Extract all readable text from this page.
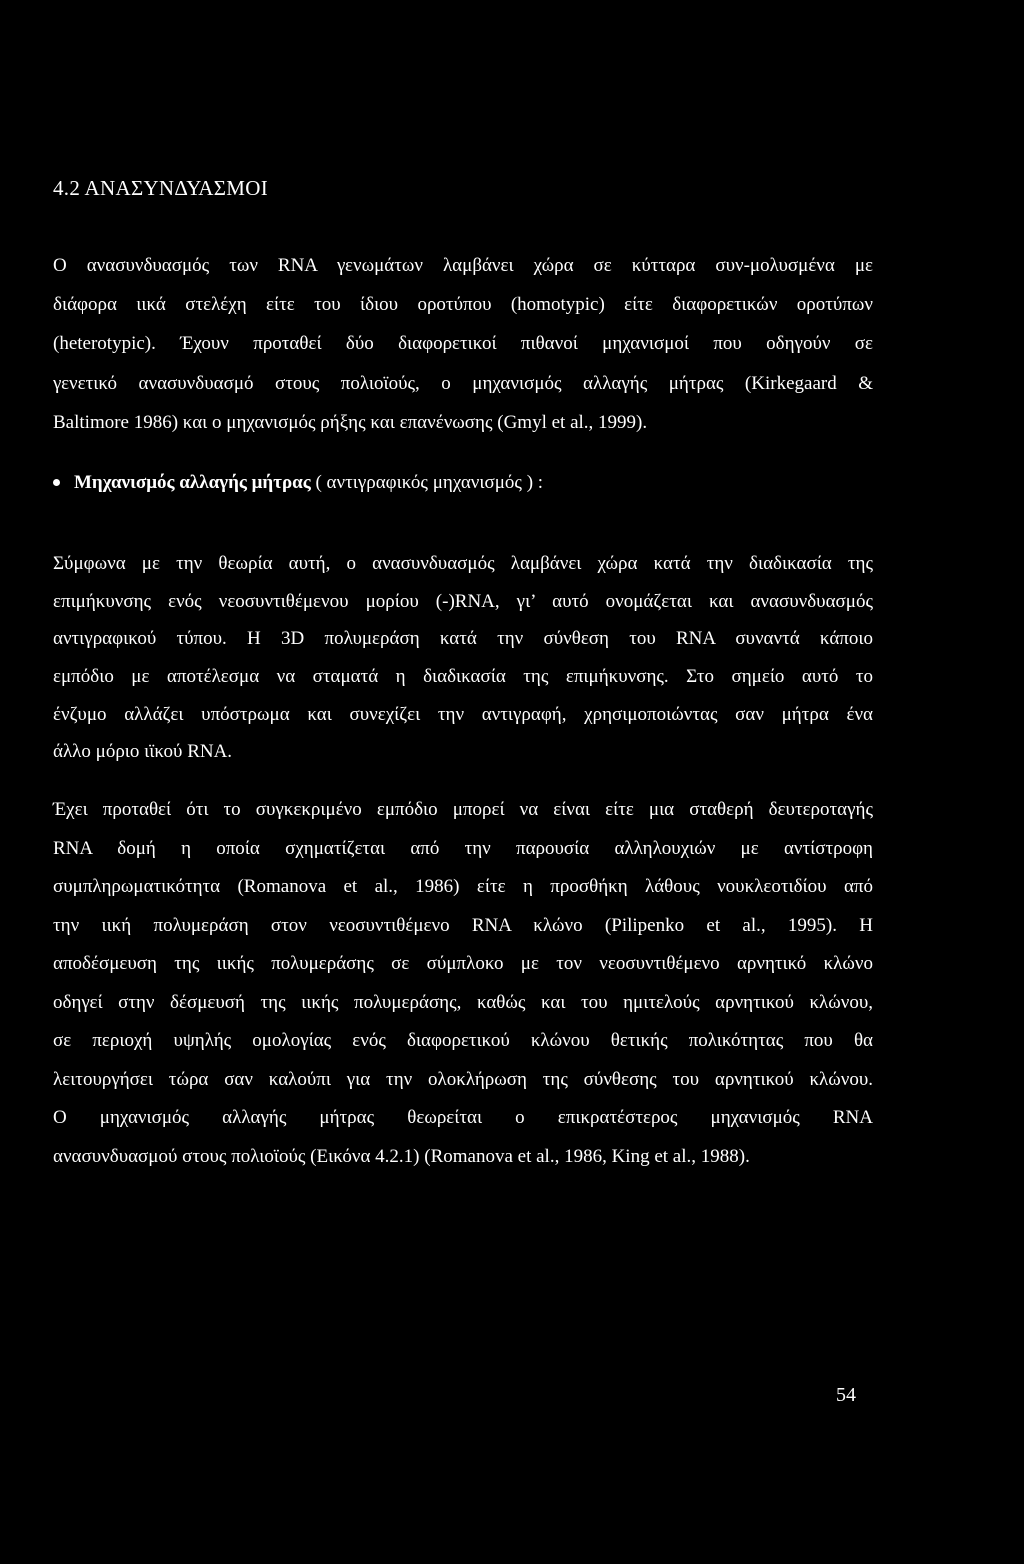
4.2 ΑΝΑΣΥΝΔΥΑΣΜΟΙ
Ο ανασυνδυασμός των RNA γενωμάτων λαμβάνει χώρα σε κύτταρα συν-μολυσμένα με
διάφορα ιικά στελέχη είτε του ίδιου οροτύπου (homotypic) είτε διαφορετικών οροτύπων
(heterotypic). Έχουν προταθεί δύο διαφορετικοί πιθανοί μηχανισμοί που οδηγούν σε
γενετικό ανασυνδυασμό στους πολιοϊούς, ο μηχανισμός αλλαγής μήτρας (Kirkegaard &
Baltimore 1986) και ο μηχανισμός ρήξης και επανένωσης (Gmyl et al., 1999).
Μηχανισμός αλλαγής μήτρας ( αντιγραφικός μηχανισμός ) :
Σύμφωνα με την θεωρία αυτή, ο ανασυνδυασμός λαμβάνει χώρα κατά την διαδικασία της
επιμήκυνσης ενός νεοσυντιθέμενου μορίου (-)RNA, γι’ αυτό ονομάζεται και ανασυνδυασμός
αντιγραφικού τύπου. Η 3D πολυμεράση κατά την σύνθεση του RNA συναντά κάποιο
εμπόδιο με αποτέλεσμα να σταματά η διαδικασία της επιμήκυνσης. Στο σημείο αυτό το
ένζυμο αλλάζει υπόστρωμα και συνεχίζει την αντιγραφή, χρησιμοποιώντας σαν μήτρα ένα
άλλο μόριο ιϊκού RNA.
Έχει προταθεί ότι το συγκεκριμένο εμπόδιο μπορεί να είναι είτε μια σταθερή δευτεροταγής
RNA δομή η οποία σχηματίζεται από την παρουσία αλληλουχιών με αντίστροφη
συμπληρωματικότητα (Romanova et al., 1986) είτε η προσθήκη λάθους νουκλεοτιδίου από
την ιική πολυμεράση στον νεοσυντιθέμενο RNA κλώνο (Pilipenko et al., 1995). Η
αποδέσμευση της ιικής πολυμεράσης σε σύμπλοκο με τον νεοσυντιθέμενο αρνητικό κλώνο
οδηγεί στην δέσμευσή της ιικής πολυμεράσης, καθώς και του ημιτελούς αρνητικού κλώνου,
σε περιοχή υψηλής ομολογίας ενός διαφορετικού κλώνου θετικής πολικότητας που θα
λειτουργήσει τώρα σαν καλούπι για την ολοκλήρωση της σύνθεσης του αρνητικού κλώνου.
Ο μηχανισμός αλλαγής μήτρας θεωρείται ο επικρατέστερος μηχανισμός RNA
ανασυνδυασμού στους πολιοϊούς (Εικόνα 4.2.1) (Romanova et al., 1986, King et al., 1988).
54
